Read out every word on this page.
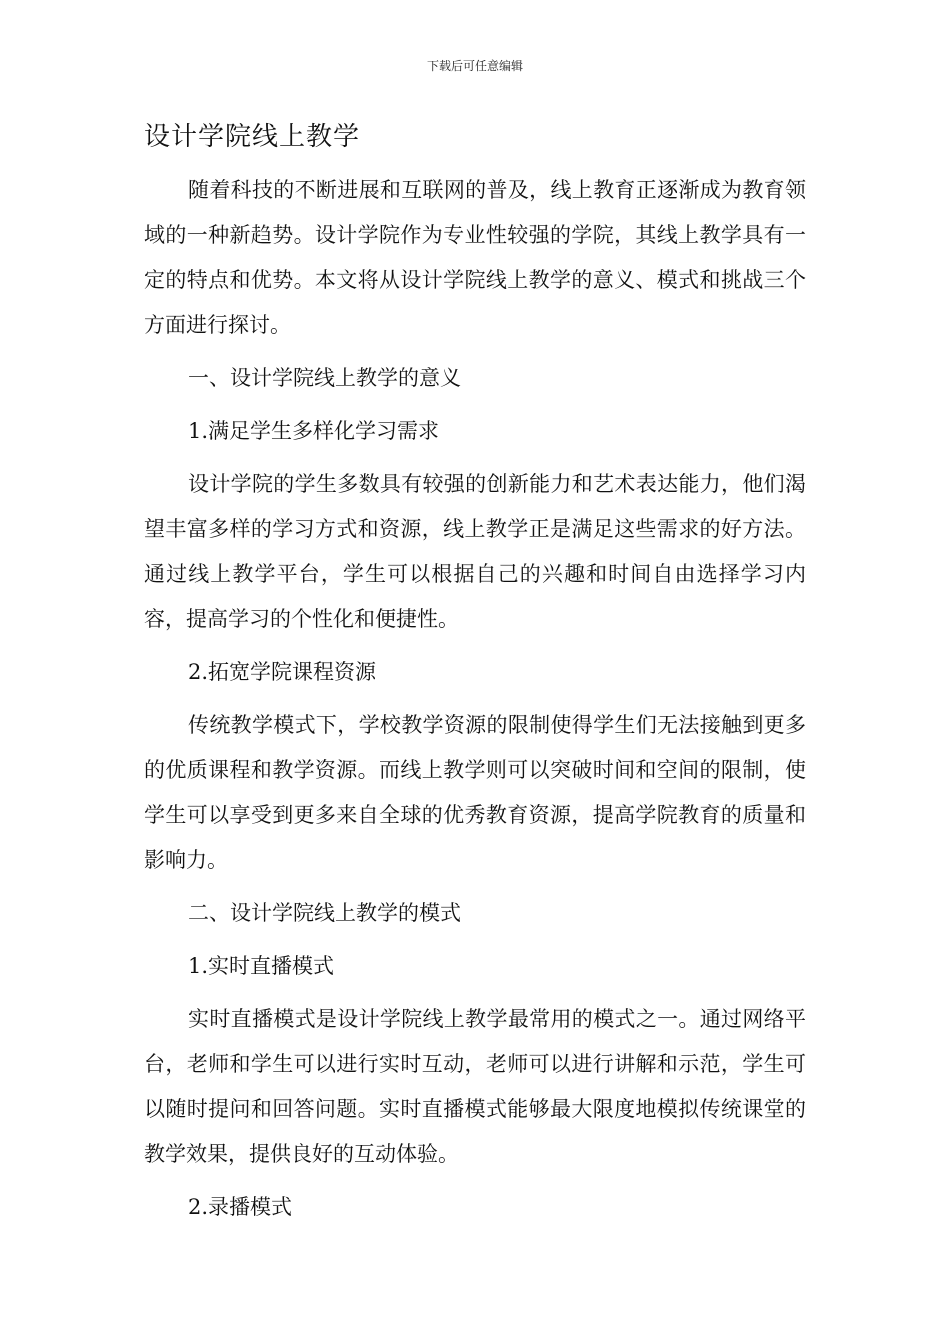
下载后可任意编辑
设计学院线上教学

随着科技的不断进展和互联网的普及，线上教育正逐渐成为教育领域的一种新趋势。设计学院作为专业性较强的学院，其线上教学具有一定的特点和优势。本文将从设计学院线上教学的意义、模式和挑战三个方面进行探讨。

一、设计学院线上教学的意义

1.满足学生多样化学习需求

设计学院的学生多数具有较强的创新能力和艺术表达能力，他们渴望丰富多样的学习方式和资源，线上教学正是满足这些需求的好方法。通过线上教学平台，学生可以根据自己的兴趣和时间自由选择学习内容，提高学习的个性化和便捷性。

2.拓宽学院课程资源

传统教学模式下，学校教学资源的限制使得学生们无法接触到更多的优质课程和教学资源。而线上教学则可以突破时间和空间的限制，使学生可以享受到更多来自全球的优秀教育资源，提高学院教育的质量和影响力。

二、设计学院线上教学的模式

1.实时直播模式

实时直播模式是设计学院线上教学最常用的模式之一。通过网络平台，老师和学生可以进行实时互动，老师可以进行讲解和示范，学生可以随时提问和回答问题。实时直播模式能够最大限度地模拟传统课堂的教学效果，提供良好的互动体验。

2.录播模式
